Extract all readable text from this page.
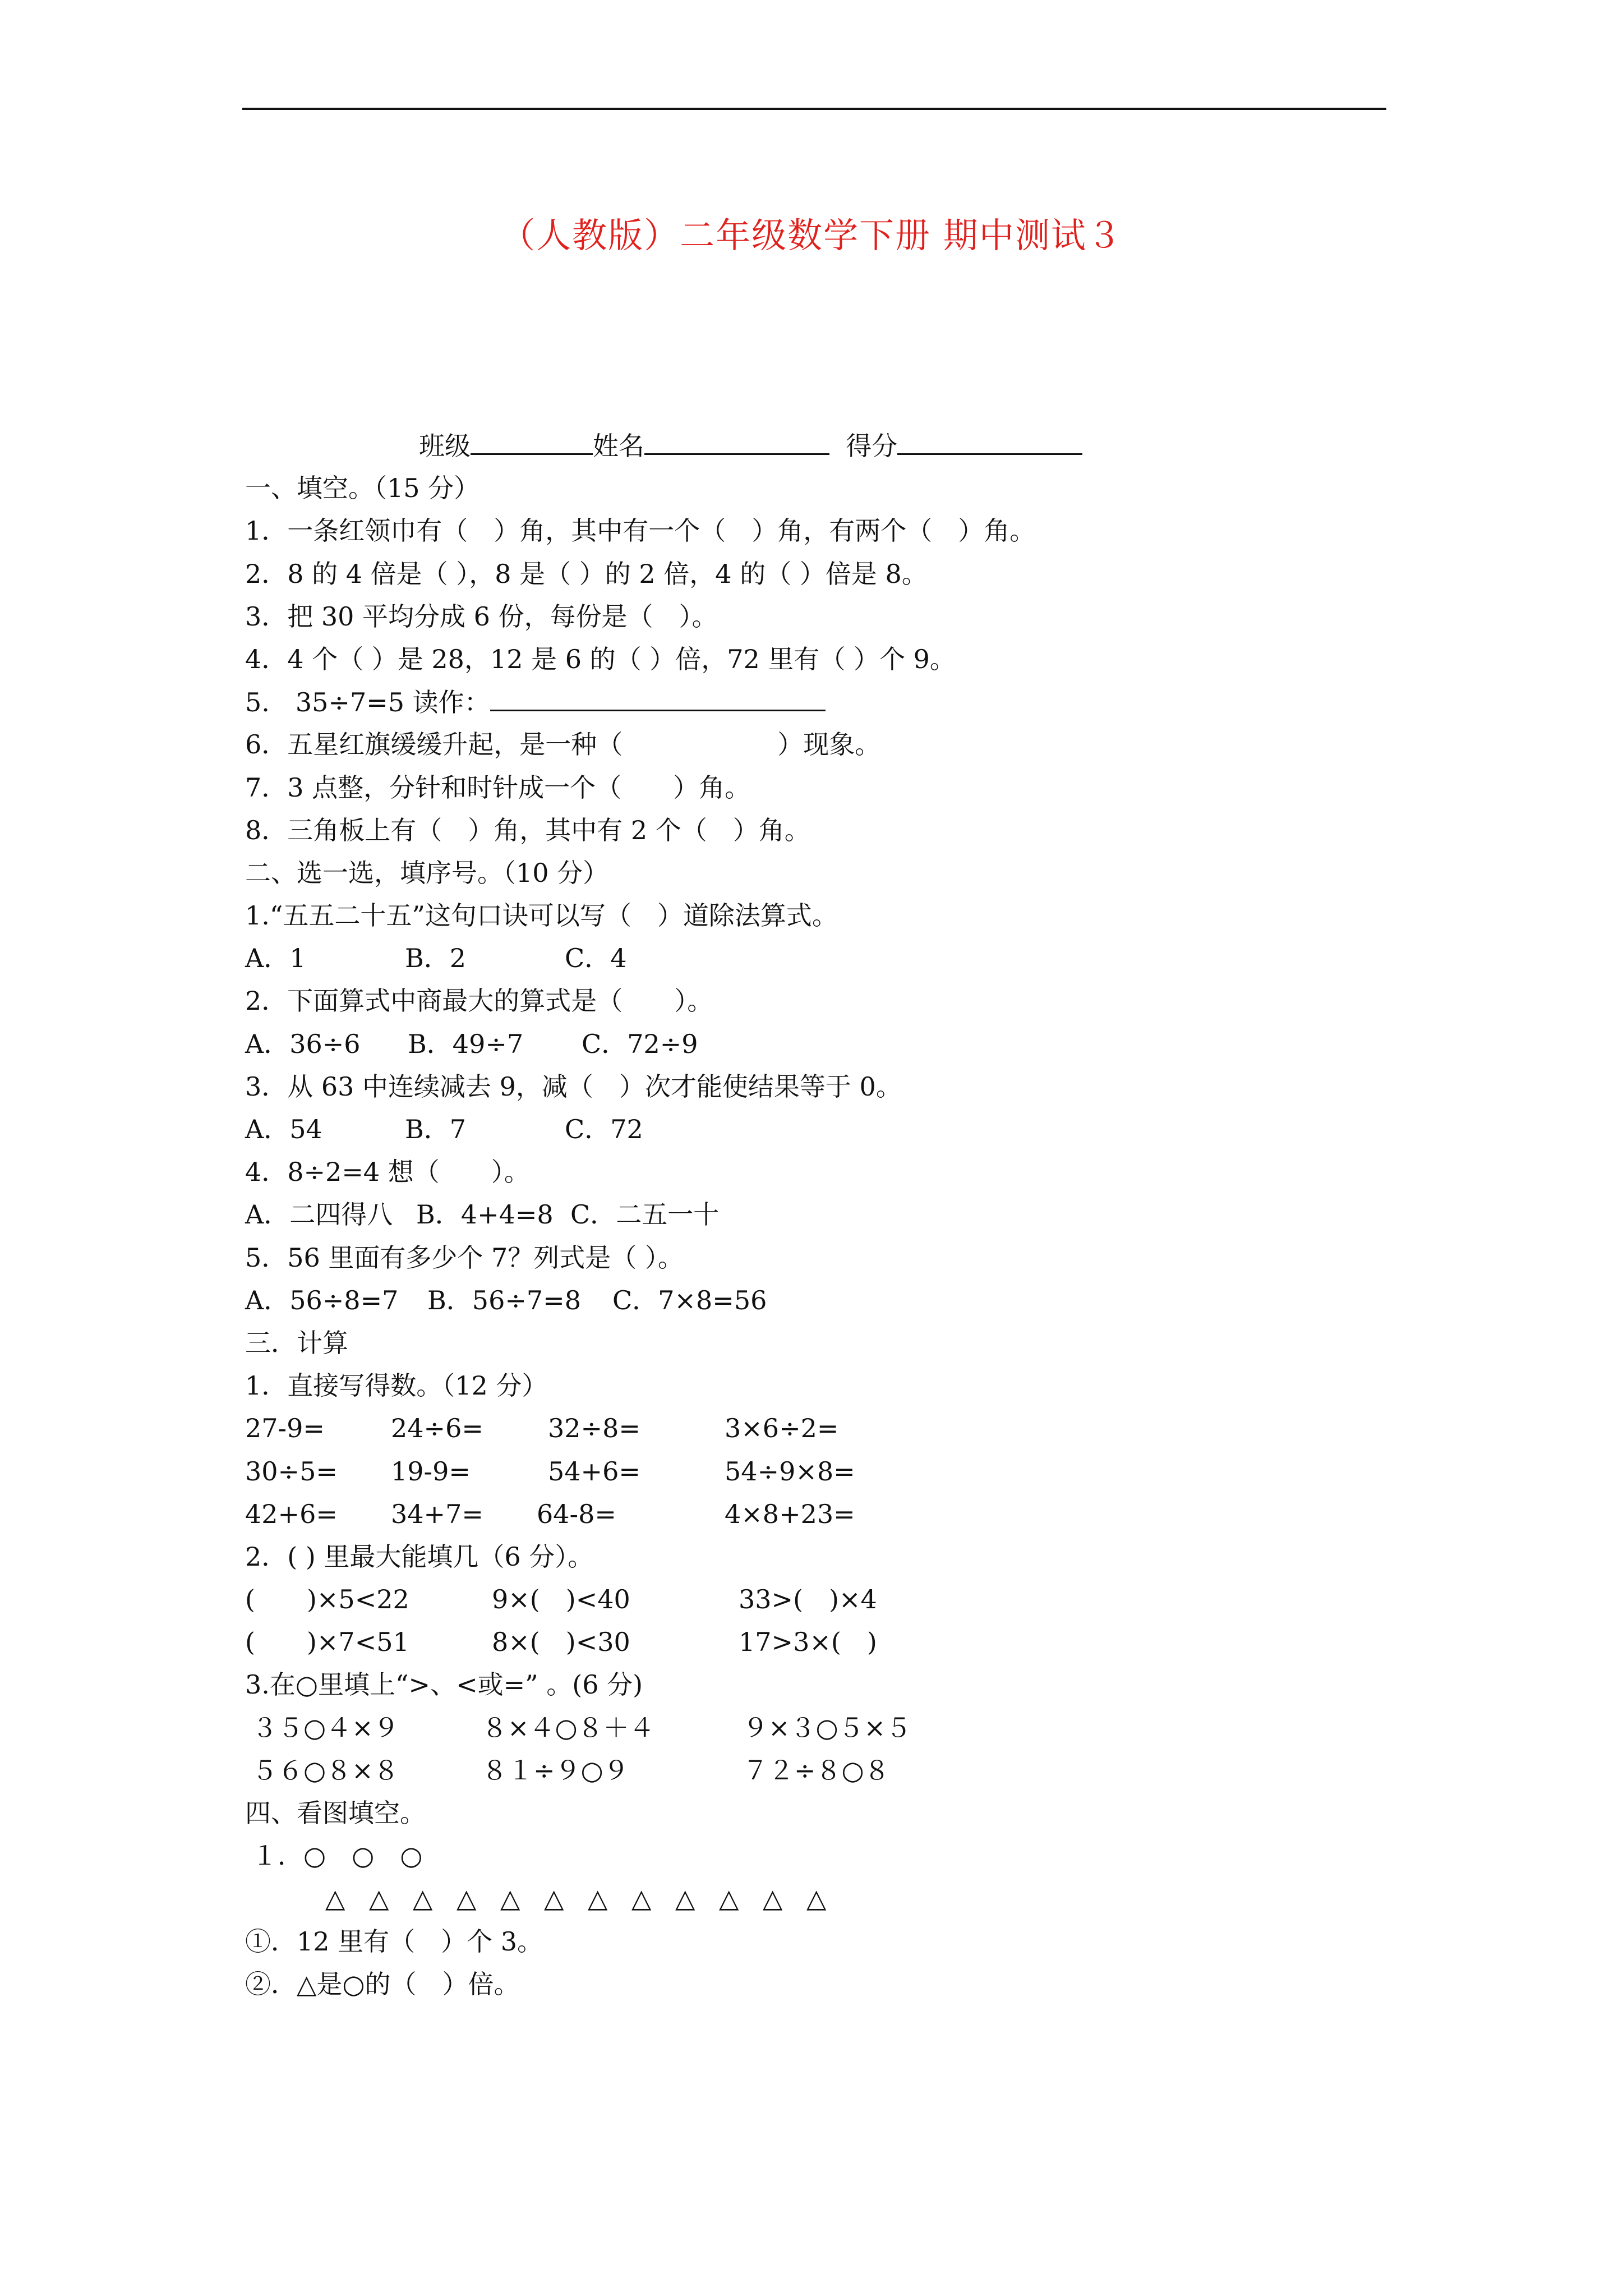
（人教版）二年级数学下册 期中测试３
班级	姓名	得分
一、填空。（15 分）
1．一条红领巾有（　）角，其中有一个（　）角，有两个（　）角。
2．8 的 4 倍是（ ），8 是（ ）的 2 倍，4 的（ ）倍是 8。
3．把 30 平均分成 6 份，每份是（　）。
4．4 个（ ）是 28，12 是 6 的（ ）倍，72 里有（ ）个 9。
5.　35÷7=5 读作：
6．五星红旗缓缓升起，是一种（　　　　　　）现象。
7．3 点整，分针和时针成一个（　　）角。
8．三角板上有（　）角，其中有 2 个（　）角。
二、选一选，填序号。（10 分）
1.“五五二十五”这句口诀可以写（　）道除法算式。
A．1	B．2	C．4
2．下面算式中商最大的算式是（　　）。
A．36÷6 B．49÷7 C．72÷9
3．从 63 中连续减去 9，减（　）次才能使结果等于 0。
A．54	B．7	C．72
4．8÷2=4 想（　　）。
A．二四得八 B．4+4=8 C．二五一十
5．56 里面有多少个 7？列式是（ ）。
A．56÷8=7 B．56÷7=8 C．7×8=56
三．计算
1．直接写得数。（12 分）
27-9=	24÷6=	32÷8=	3×6÷2=
30÷5= 19-9=	54+6=	54÷9×8=
42+6= 34+7= 64-8=	4×8+23=
2．( ) 里最大能填几（6 分）。
(　　)×5<22	9×(　)<40	33>(　)×4
(　　)×7<51	8×(　)<30	17>3×(　)
3.在○里填上“>、<或=” 。(6 分)
３５○４×９	８×４○８＋４	９×３○５×５
５６○８×８	８１÷９○９	７２÷８○８
四、看图填空。
１．○　○　○
△ △ △ △ △ △ △ △ △ △ △ △
①．12 里有（　）个 3。
②．△是○的（　）倍。
